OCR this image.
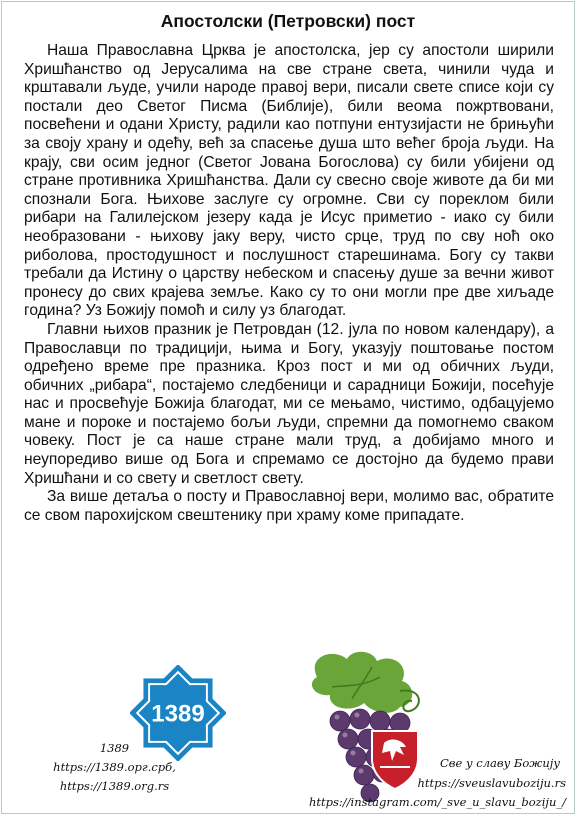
Апостолски (Петровски) пост

Наша Православна Црква је апостолска, јер су апостоли ширили Хришћанство од Јерусалима на све стране света, чинили чуда и крштавали људе, учили народе правој вери, писали свете списе који су постали део Светог Писма (Библије), били веома пожртвовани, посвећени и одани Христу, радили као потпуни ентузијасти не брињући за своју храну и одећу, већ за спасење душа што већег броја људи. На крају, сви осим једног (Светог Јована Богослова) су били убијени од стране противника Хришћанства. Дали су свесно своје животе да би ми спознали Бога. Њихове заслуге су огромне. Сви су пореклом били рибари на Галилејском језеру када је Исус приметио - иако су били необразовани - њихову јаку веру, чисто срце, труд по сву ноћ око риболова, простодушност и послушност старешинама. Богу су такви требали да Истину о царству небеском и спасењу душе за вечни живот пронесу до свих крајева земље. Како су то они могли пре две хиљаде година? Уз Божију помоћ и силу уз благодат.

Главни њихов празник је Петровдан (12. јула по новом календару), а Православци по традицији, њима и Богу, указују поштовање постом одређено време пре празника. Кроз пост и ми од обичних људи, обичних „рибара“, постајемо следбеници и сарадници Божији, посећује нас и просвећује Божија благодат, ми се мењамо, чистимо, одбацујемо мане и пороке и постајемо бољи људи, спремни да помогнемо сваком човеку. Пост је са наше стране мали труд, а добијамо много и неупоредиво више од Бога и спремамо се достојно да будемо прави Хришћани и со свету и светлост свету.

За више детаља о посту и Православној вери, молимо вас, обратите се свом парохијском свештенику при храму коме припадате.

1389
1389
https://1389.орг.срб,
https://1389.org.rs
Све у славу Божију
https://sveuslavuboziju.rs
https://instagram.com/_sve_u_slavu_boziju_/
